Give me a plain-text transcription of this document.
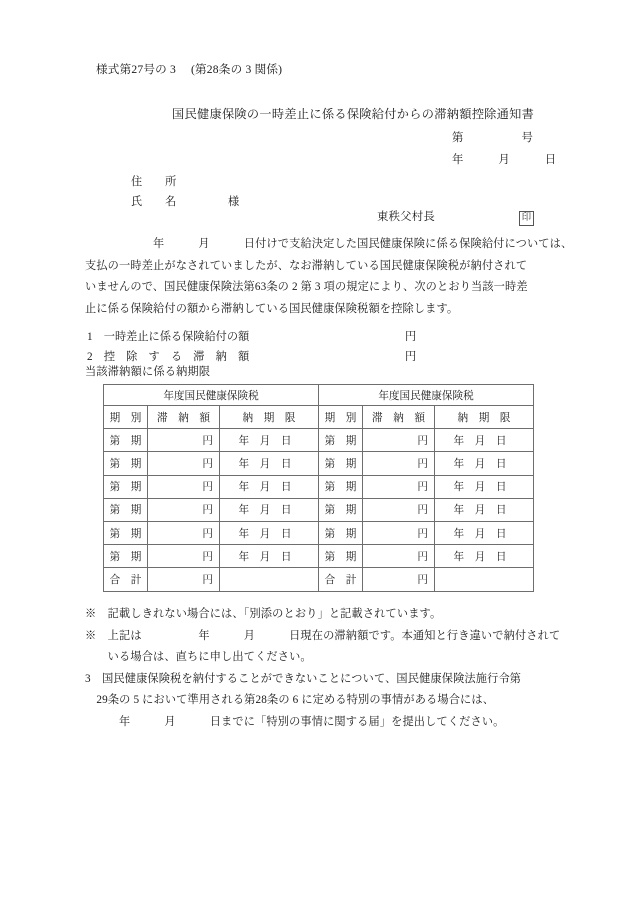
様式第27号の 3 　(第28条の 3 関係)
国民健康保険の一時差止に係る保険給付からの滞納額控除通知書
第　　　　　号
年　　　月　　　日
住　　所
氏　　名	様
東秩父村長	印
　　　　　　年　　　月　　　日付けで支給決定した国民健康保険に係る保険給付については、
支払の一時差止がなされていましたが、なお滞納している国民健康保険税が納付されて
いませんので、国民健康保険法第63条の 2 第 3 項の規定により、次のとおり当該一時差
止に係る保険給付の額から滞納している国民健康保険税額を控除します。
1　一時差止に係る保険給付の額	円
2　控　除　す　る　滞　納　額	円
当該滞納額に係る納期限
年度国民健康保険税			年度国民健康保険税		
期　別	滞　納　額	納　期　限	期　別	滞　納　額	納　期　限
第　期	円	年　月　日	第　期	円	年　月　日
第　期	円	年　月　日	第　期	円	年　月　日
第　期	円	年　月　日	第　期	円	年　月　日
第　期	円	年　月　日	第　期	円	年　月　日
第　期	円	年　月　日	第　期	円	年　月　日
第　期	円	年　月　日	第　期	円	年　月　日
合　計	円		合　計	円	
※　記載しきれない場合には、「別添のとおり」と記載されています。
※　上記は　　　　　年　　　月　　　日現在の滞納額です。本通知と行き違いで納付されて
　　いる場合は、直ちに申し出てください。
3　国民健康保険税を納付することができないことについて、国民健康保険法施行令第
　29条の 5 において準用される第28条の 6 に定める特別の事情がある場合には、
　　　年　　　月　　　日までに「特別の事情に関する届」を提出してください。
